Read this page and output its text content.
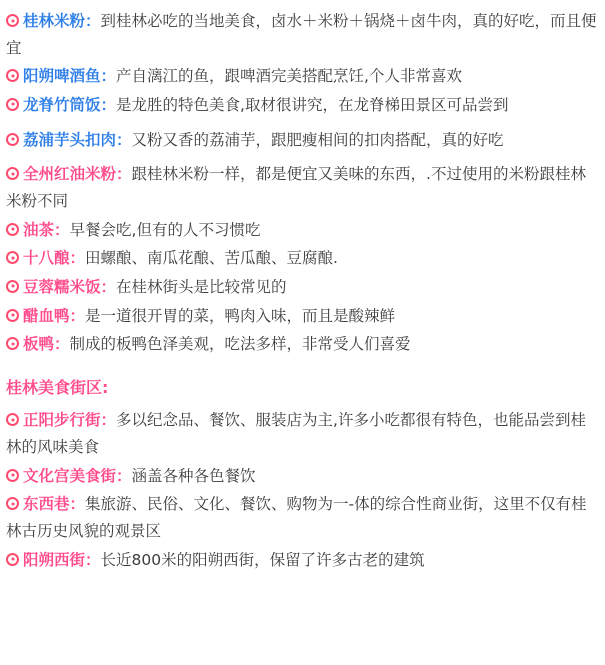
桂林米粉：到桂林必吃的当地美食，卤水＋米粉＋锅烧＋卤牛肉，真的好吃，而且便宜
阳朔啤酒鱼：产自漓江的鱼，跟啤酒完美搭配烹饪,个人非常喜欢
龙脊竹筒饭：是龙胜的特色美食,取材很讲究，在龙脊梯田景区可品尝到
荔浦芋头扣肉：又粉又香的荔浦芋，跟肥瘦相间的扣肉搭配，真的好吃
全州红油米粉：跟桂林米粉一样，都是便宜又美味的东西，.不过使用的米粉跟桂林米粉不同
油茶：早餐会吃,但有的人不习惯吃
十八酿：田螺酿、南瓜花酿、苦瓜酿、豆腐酿.
豆蓉糯米饭：在桂林街头是比较常见的
醋血鸭：是一道很开胃的菜，鸭肉入味，而且是酸辣鲜
板鸭：制成的板鸭色泽美观，吃法多样，非常受人们喜爱
桂林美食街区:
正阳步行街：多以纪念品、餐饮、服装店为主,许多小吃都很有特色，也能品尝到桂林的风味美食
文化宫美食街：涵盖各种各色餐饮
东西巷：集旅游、民俗、文化、餐饮、购物为一-体的综合性商业街，这里不仅有桂林古历史风貌的观景区
阳朔西街：长近800米的阳朔西街，保留了许多古老的建筑
